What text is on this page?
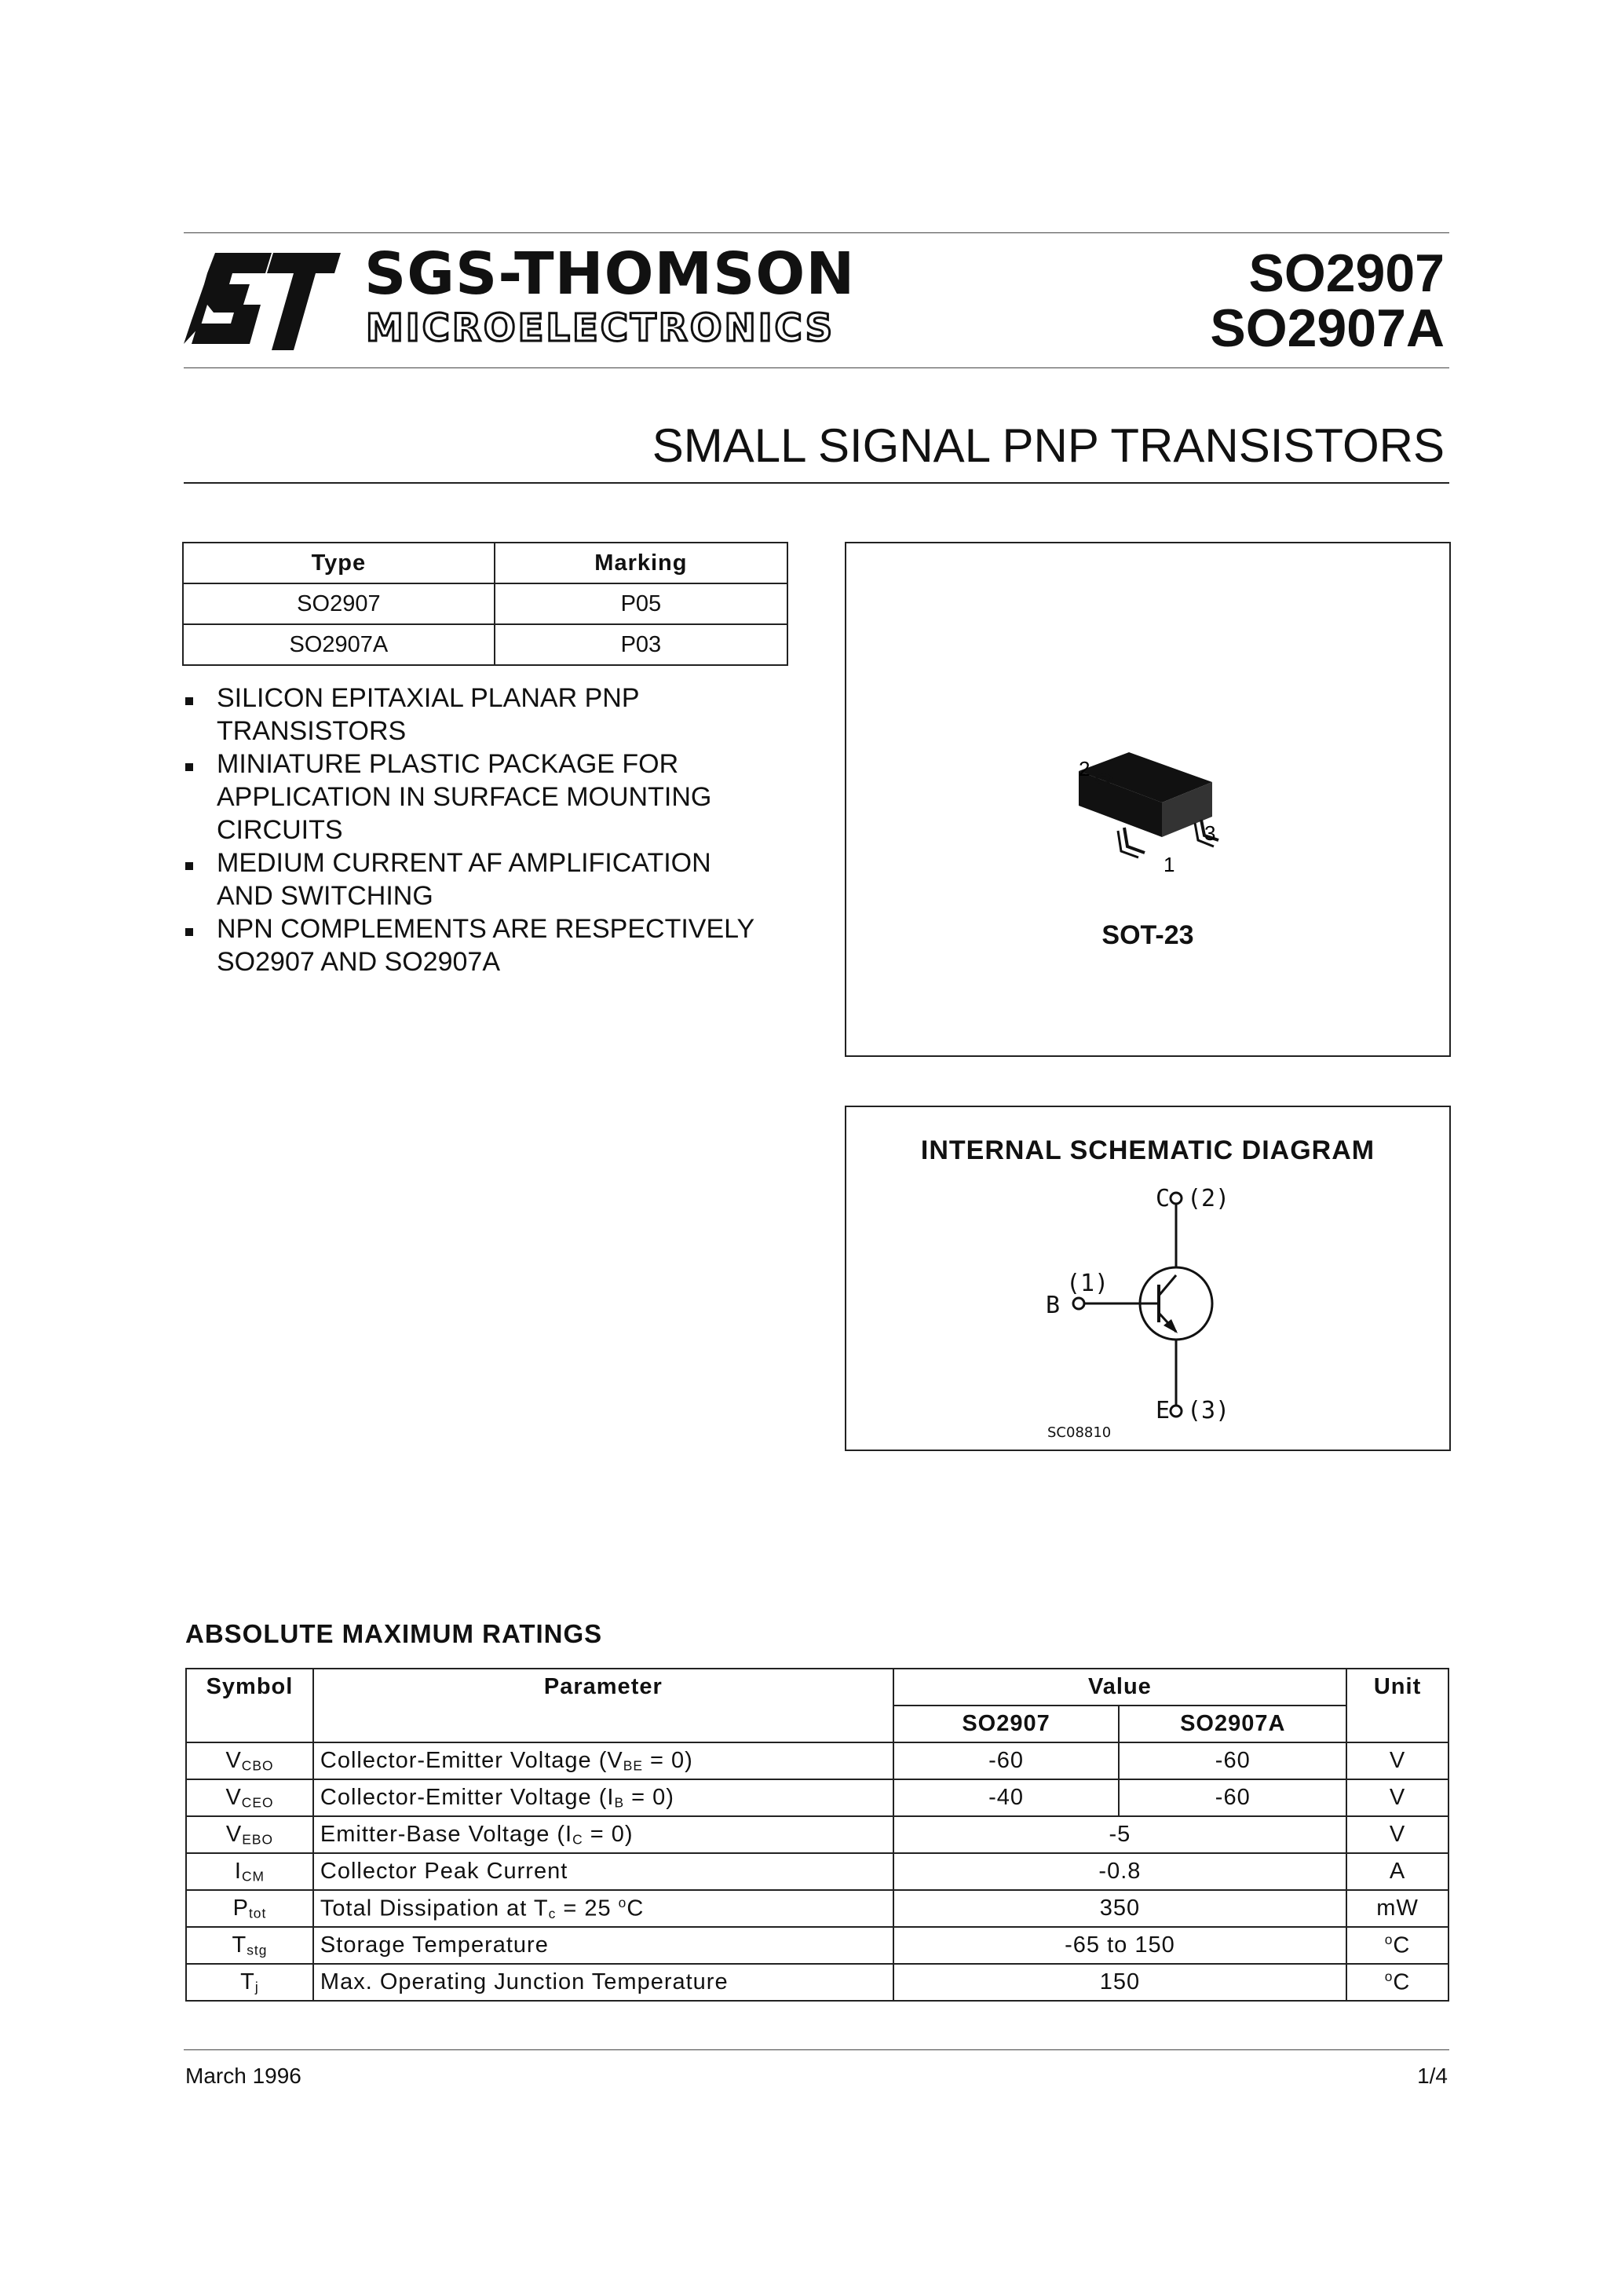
SGS-THOMSON
MICROELECTRONICS
SO2907
SO2907A
SMALL SIGNAL PNP TRANSISTORS
Type	Marking
SO2907	P05
SO2907A	P03
SILICON EPITAXIAL PLANAR PNP
TRANSISTORS
MINIATURE PLASTIC PACKAGE FOR
APPLICATION IN SURFACE MOUNTING
CIRCUITS
MEDIUM CURRENT AF AMPLIFICATION
AND SWITCHING
NPN COMPLEMENTS ARE RESPECTIVELY
SO2907 AND SO2907A
2
3
1
SOT-23
INTERNAL SCHEMATIC DIAGRAM
C (2)
(1)
B
E (3)
SC08810
ABSOLUTE MAXIMUM RATINGS
Symbol	Parameter	Value		Unit
		SO2907	SO2907A	
$V_{CBO}$	Collector-Emitter Voltage $(V_{BE} = 0)$	-60	-60	V
$V_{CEO}$	Collector-Emitter Voltage $(I_B = 0)$	-40	-60	V
$V_{EBO}$	Emitter-Base Voltage $(I_C = 0)$	-5		V
$I_{CM}$	Collector Peak Current	-0.8		A
$P_{tot}$	Total Dissipation at $T_c = 25$ $^o$C	350		mW
$T_{stg}$	Storage Temperature	-65 to 150		$^o$C
$T_j$	Max. Operating Junction Temperature	150		$^o$C
March 1996	1/4
